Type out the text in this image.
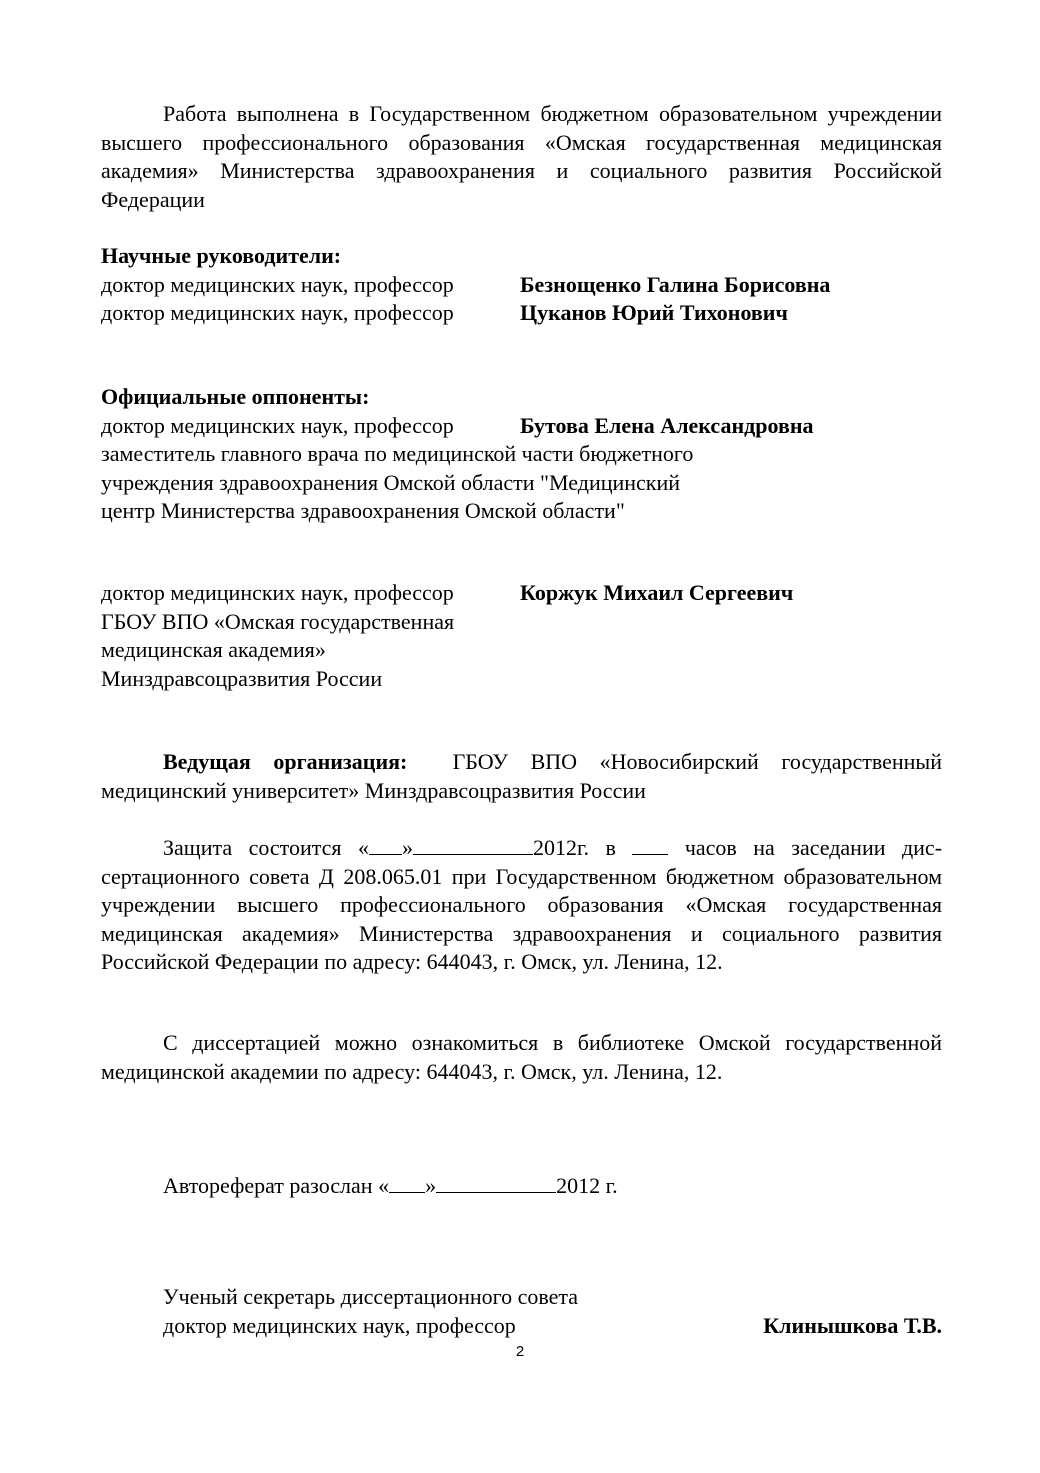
Работа выполнена в Государственном бюджетном образовательном учреждении высшего профессионального образования «Омская государственная медицинская академия» Министерства здравоохранения и социального развития Российской Федерации

Научные руководители:

доктор медицинских наук, профессор	Безнощенко Галина Борисовна
доктор медицинских наук, профессор	Цуканов Юрий Тихонович

Официальные оппоненты:

доктор медицинских наук, профессор	Бутова Елена Александровна

заместитель главного врача по медицинской части бюджетного

учреждения здравоохранения Омской области "Медицинский

центр Министерства здравоохранения Омской области"

доктор медицинских наук, профессор	Коржук Михаил Сергеевич

ГБОУ ВПО «Омская государственная

медицинская академия»

Минздравсоцразвития России

Ведущая организация: ГБОУ ВПО «Новосибирский государственный медицинский университет» Минздравсоцразвития России

Защита состоится « »	2012г. в	часов на заседании диссертационного совета Д 208.065.01 при Государственном бюджетном образовательном учреждении высшего профессионального образования «Омская государственная медицинская академия» Министерства здравоохранения и социального развития Российской Федерации по адресу: 644043, г. Омск, ул. Ленина, 12.

С диссертацией можно ознакомиться в библиотеке Омской государственной медицинской академии по адресу: 644043, г. Омск, ул. Ленина, 12.

Автореферат разослан « »	2012 г.

Ученый секретарь диссертационного совета

доктор медицинских наук, профессор	Клинышкова Т.В.
2
